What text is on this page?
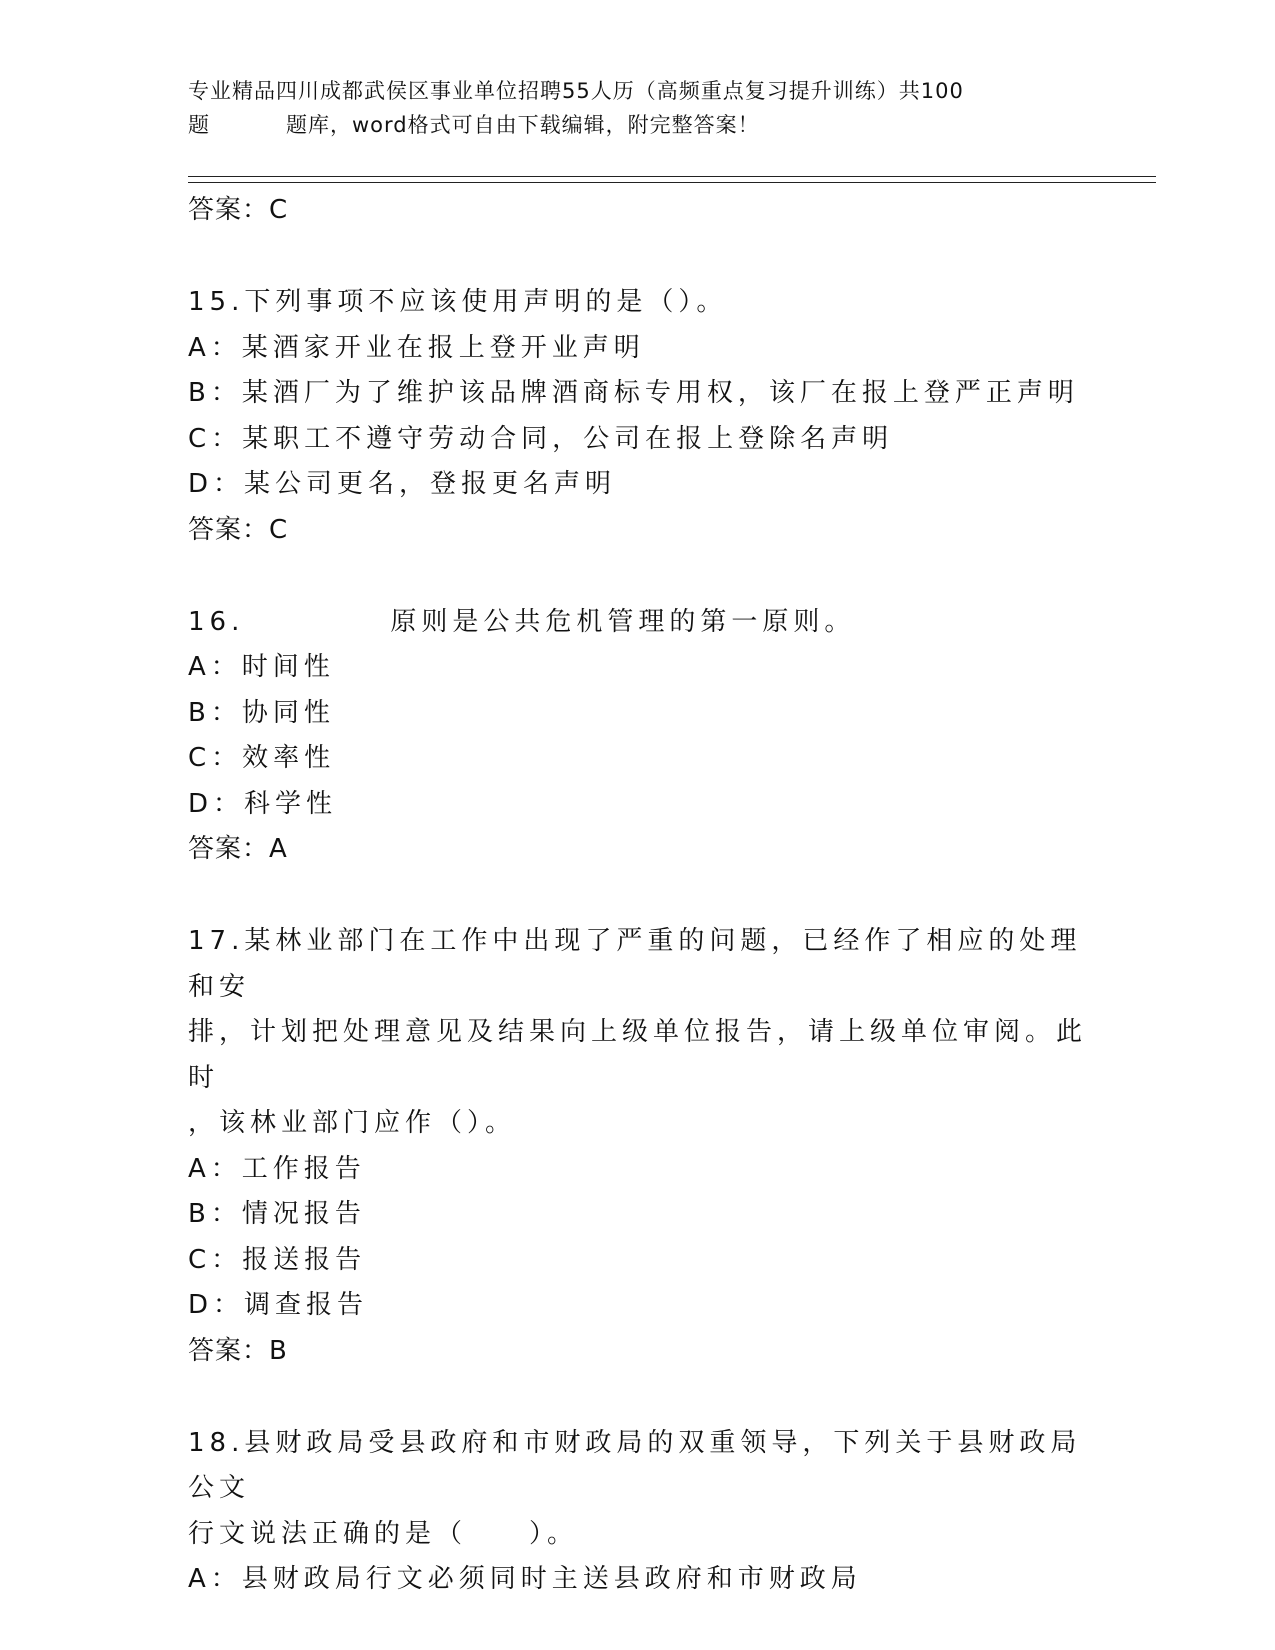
专业精品四川成都武侯区事业单位招聘55人历（高频重点复习提升训练）共100
题	题库，word格式可自由下载编辑，附完整答案！
答案：C
15.下列事项不应该使用声明的是（）。
A：某酒家开业在报上登开业声明
B：某酒厂为了维护该品牌酒商标专用权，该厂在报上登严正声明
C：某职工不遵守劳动合同，公司在报上登除名声明
D：某公司更名，登报更名声明
答案：C
16.	原则是公共危机管理的第一原则。
A：时间性
B：协同性
C：效率性
D：科学性
答案：A
17.某林业部门在工作中出现了严重的问题，已经作了相应的处理和安
排，计划把处理意见及结果向上级单位报告，请上级单位审阅。此时
，该林业部门应作（）。
A：工作报告
B：情况报告
C：报送报告
D：调查报告
答案：B
18.县财政局受县政府和市财政局的双重领导，下列关于县财政局公文
行文说法正确的是（　　）。
A：县财政局行文必须同时主送县政府和市财政局
